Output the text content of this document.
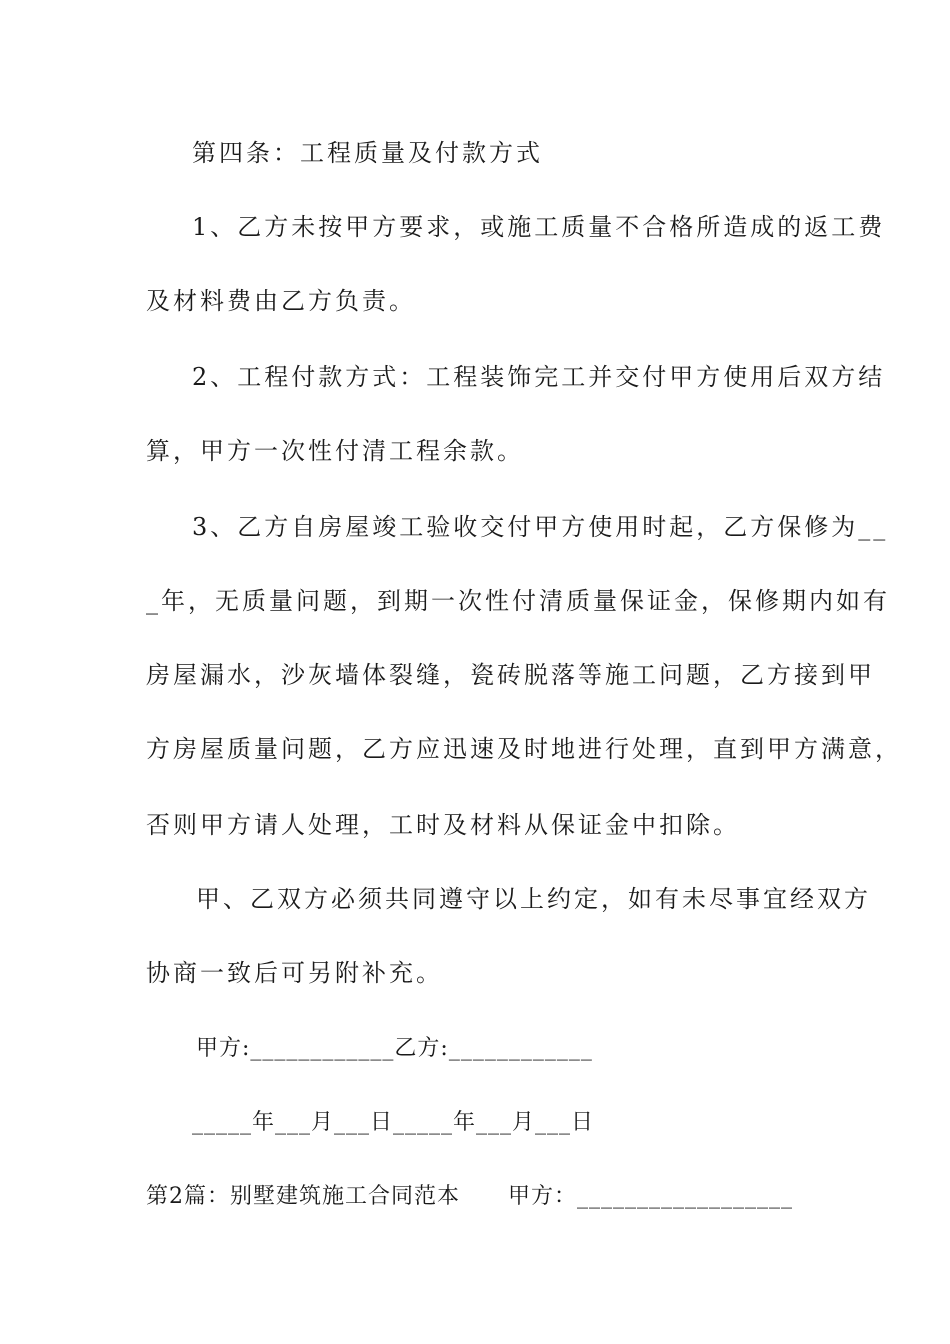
第四条：工程质量及付款方式
1、乙方未按甲方要求，或施工质量不合格所造成的返工费
及材料费由乙方负责。
2、工程付款方式：工程装饰完工并交付甲方使用后双方结
算，甲方一次性付清工程余款。
3、乙方自房屋竣工验收交付甲方使用时起，乙方保修为__
_年，无质量问题，到期一次性付清质量保证金，保修期内如有
房屋漏水，沙灰墙体裂缝，瓷砖脱落等施工问题，乙方接到甲
方房屋质量问题，乙方应迅速及时地进行处理，直到甲方满意，
否则甲方请人处理，工时及材料从保证金中扣除。
甲、乙双方必须共同遵守以上约定，如有未尽事宜经双方
协商一致后可另附补充。
甲方:____________乙方:____________
_____年___月___日_____年___月___日
第2篇：别墅建筑施工合同范本      甲方：__________________
